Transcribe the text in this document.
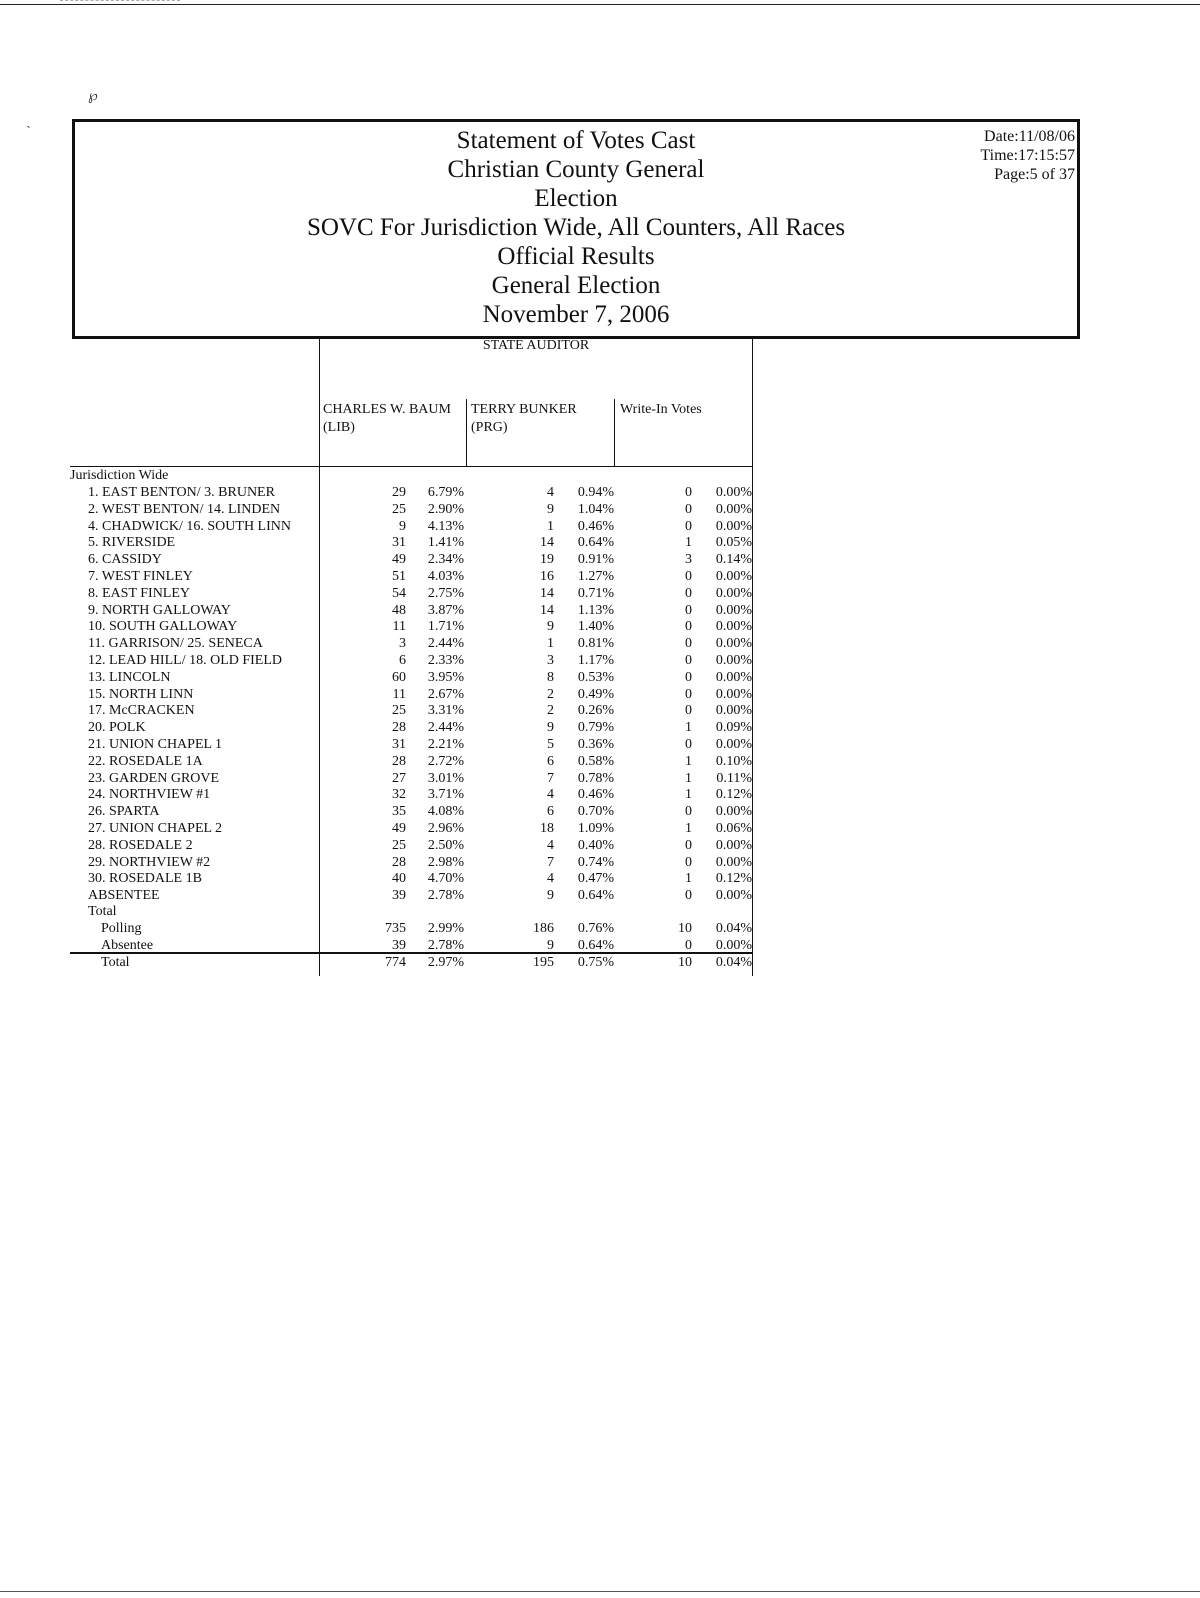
℘
ˎ
Statement of Votes Cast
Christian County General
Election
SOVC For Jurisdiction Wide, All Counters, All Races
Official Results
General Election
November 7, 2006
Date:11/08/06
Time:17:15:57
Page:5 of 37
STATE AUDITOR
CHARLES W. BAUM
(LIB)
TERRY BUNKER
(PRG)
Write-In Votes
Jurisdiction Wide
1. EAST BENTON/ 3. BRUNER	29 6.79%	4 0.94%	0 0.00%
2. WEST BENTON/ 14. LINDEN	25 2.90%	9 1.04%	0 0.00%
4. CHADWICK/ 16. SOUTH LINN	9 4.13%	1 0.46%	0 0.00%
5. RIVERSIDE	31 1.41%	14 0.64%	1 0.05%
6. CASSIDY	49 2.34%	19 0.91%	3 0.14%
7. WEST FINLEY	51 4.03%	16 1.27%	0 0.00%
8. EAST FINLEY	54 2.75%	14 0.71%	0 0.00%
9. NORTH GALLOWAY	48 3.87%	14 1.13%	0 0.00%
10. SOUTH GALLOWAY	11 1.71%	9 1.40%	0 0.00%
11. GARRISON/ 25. SENECA	3 2.44%	1 0.81%	0 0.00%
12. LEAD HILL/ 18. OLD FIELD	6 2.33%	3 1.17%	0 0.00%
13. LINCOLN	60 3.95%	8 0.53%	0 0.00%
15. NORTH LINN	11 2.67%	2 0.49%	0 0.00%
17. McCRACKEN	25 3.31%	2 0.26%	0 0.00%
20. POLK	28 2.44%	9 0.79%	1 0.09%
21. UNION CHAPEL 1	31 2.21%	5 0.36%	0 0.00%
22. ROSEDALE 1A	28 2.72%	6 0.58%	1 0.10%
23. GARDEN GROVE	27 3.01%	7 0.78%	1 0.11%
24. NORTHVIEW #1	32 3.71%	4 0.46%	1 0.12%
26. SPARTA	35 4.08%	6 0.70%	0 0.00%
27. UNION CHAPEL 2	49 2.96%	18 1.09%	1 0.06%
28. ROSEDALE 2	25 2.50%	4 0.40%	0 0.00%
29. NORTHVIEW #2	28 2.98%	7 0.74%	0 0.00%
30. ROSEDALE 1B	40 4.70%	4 0.47%	1 0.12%
ABSENTEE	39 2.78%	9 0.64%	0 0.00%
Total
Polling	735 2.99%	186 0.76%	10 0.04%
Absentee	39 2.78%	9 0.64%	0 0.00%
Total	774 2.97%	195 0.75%	10 0.04%
